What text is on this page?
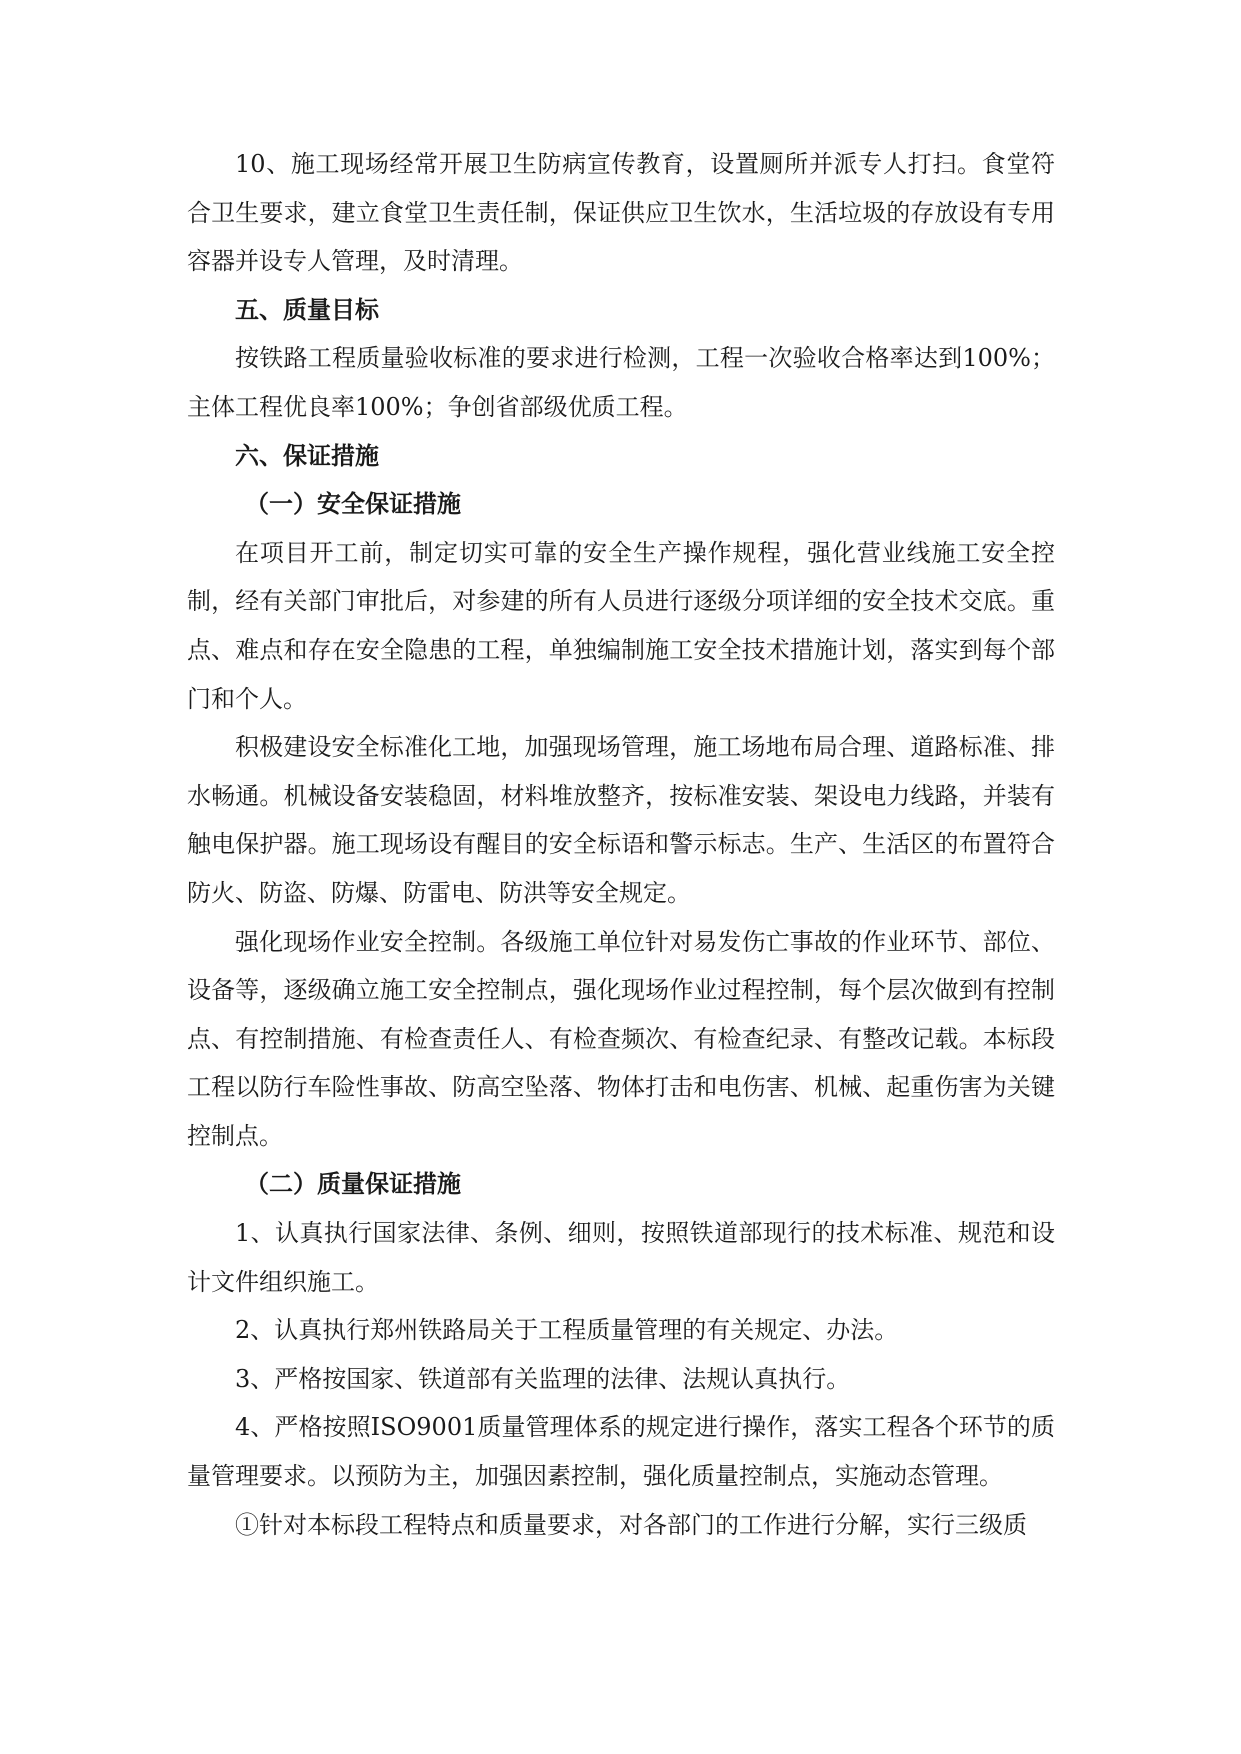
10、施工现场经常开展卫生防病宣传教育，设置厕所并派专人打扫。食堂符合卫生要求，建立食堂卫生责任制，保证供应卫生饮水，生活垃圾的存放设有专用容器并设专人管理，及时清理。

五、质量目标

按铁路工程质量验收标准的要求进行检测，工程一次验收合格率达到100%；主体工程优良率100%；争创省部级优质工程。

六、保证措施

（一）安全保证措施

在项目开工前，制定切实可靠的安全生产操作规程，强化营业线施工安全控制，经有关部门审批后，对参建的所有人员进行逐级分项详细的安全技术交底。重点、难点和存在安全隐患的工程，单独编制施工安全技术措施计划，落实到每个部门和个人。

积极建设安全标准化工地，加强现场管理，施工场地布局合理、道路标准、排水畅通。机械设备安装稳固，材料堆放整齐，按标准安装、架设电力线路，并装有触电保护器。施工现场设有醒目的安全标语和警示标志。生产、生活区的布置符合防火、防盗、防爆、防雷电、防洪等安全规定。

强化现场作业安全控制。各级施工单位针对易发伤亡事故的作业环节、部位、设备等，逐级确立施工安全控制点，强化现场作业过程控制，每个层次做到有控制点、有控制措施、有检查责任人、有检查频次、有检查纪录、有整改记载。本标段工程以防行车险性事故、防高空坠落、物体打击和电伤害、机械、起重伤害为关键控制点。

（二）质量保证措施

1、认真执行国家法律、条例、细则，按照铁道部现行的技术标准、规范和设计文件组织施工。

2、认真执行郑州铁路局关于工程质量管理的有关规定、办法。

3、严格按国家、铁道部有关监理的法律、法规认真执行。

4、严格按照ISO9001质量管理体系的规定进行操作，落实工程各个环节的质量管理要求。以预防为主，加强因素控制，强化质量控制点，实施动态管理。

①针对本标段工程特点和质量要求，对各部门的工作进行分解，实行三级质
